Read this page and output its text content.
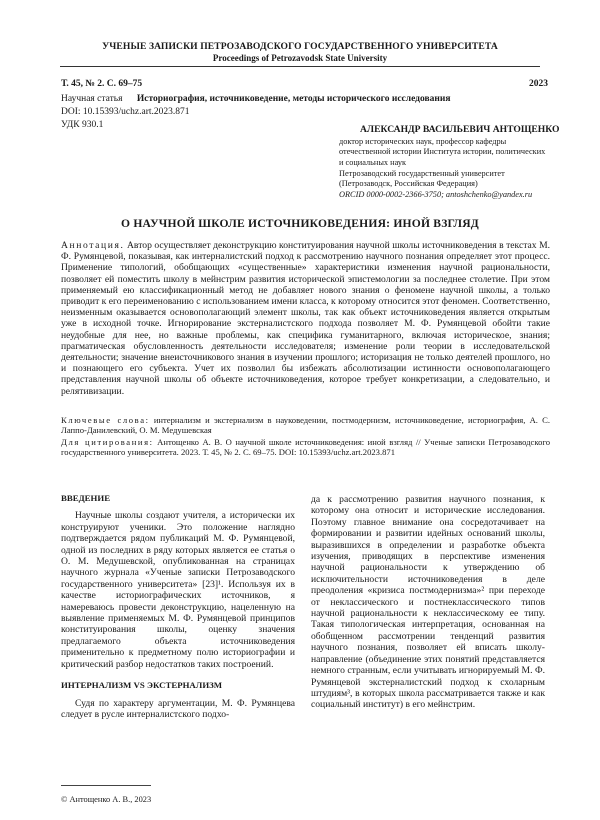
УЧЕНЫЕ ЗАПИСКИ ПЕТРОЗАВОДСКОГО ГОСУДАРСТВЕННОГО УНИВЕРСИТЕТА
Proceedings of Petrozavodsk State University
Т. 45, № 2. С. 69–75	2023
Научная статья Историография, источниковедение, методы исторического исследования
DOI: 10.15393/uchz.art.2023.871
УДК 930.1	АЛЕКСАНДР ВАСИЛЬЕВИЧ АНТОЩЕНКО
доктор исторических наук, профессор кафедры отечественной истории Института истории, политических и социальных наук
Петрозаводский государственный университет (Петрозаводск, Российская Федерация)
ORCID 0000-0002-2366-3750; antoshchenko@yandex.ru
О НАУЧНОЙ ШКОЛЕ ИСТОЧНИКОВЕДЕНИЯ: ИНОЙ ВЗГЛЯД
Аннотация. Автор осуществляет деконструкцию конституирования научной школы источниковедения в текстах М. Ф. Румянцевой, показывая, как интерналистский подход к рассмотрению научного познания определяет этот процесс. Применение типологий, обобщающих «существенные» характеристики изменения научной рациональности, позволяет ей поместить школу в мейнстрим развития исторической эпистемологии за последнее столетие. При этом применяемый ею классификационный метод не добавляет нового знания о феномене научной школы, а только приводит к его переименованию с использованием имени класса, к которому относится этот феномен. Соответственно, неизменным оказывается основополагающий элемент школы, так как объект источниковедения является открытым уже в исходной точке. Игнорирование экстерналистского подхода позволяет М. Ф. Румянцевой обойти такие неудобные для нее, но важные проблемы, как специфика гуманитарного, включая историческое, знания; прагматическая обусловленность деятельности исследователя; изменение роли теории в исследовательской деятельности; значение внеисточникового знания в изучении прошлого; историзация не только деятелей прошлого, но и познающего его субъекта. Учет их позволил бы избежать абсолютизации истинности основополагающего представления научной школы об объекте источниковедения, которое требует конкретизации, а следовательно, и релятивизации.
Ключевые слова: интернализм и экстернализм в науковедении, постмодернизм, источниковедение, историография, А. С. Лаппо-Данилевский, О. М. Медушевская
Для цитирования: Антощенко А. В. О научной школе источниковедения: иной взгляд // Ученые записки Петрозаводского государственного университета. 2023. Т. 45, № 2. С. 69–75. DOI: 10.15393/uchz.art.2023.871
ВВЕДЕНИЕ

Научные школы создают учителя, а исторически их конструируют ученики. Это положение наглядно подтверждается рядом публикаций М. Ф. Румянцевой, одной из последних в ряду которых является ее статья о О. М. Медушевской, опубликованная на страницах научного журнала «Ученые записки Петрозаводского государственного университета» [23]¹. Используя их в качестве историографических источников, я намереваюсь провести деконструкцию, нацеленную на выявление применяемых М. Ф. Румянцевой принципов конституирования школы, оценку значения предлагаемого объекта источниковедения применительно к предметному полю историографии и критический разбор недостатков таких построений.

ИНТЕРНАЛИЗМ VS ЭКСТЕРНАЛИЗМ

Судя по характеру аргументации, М. Ф. Румянцева следует в русле интерналистского подхо-

да к рассмотрению развития научного познания, к которому она относит и исторические исследования. Поэтому главное внимание она сосредотачивает на формировании и развитии идейных оснований школы, выразившихся в определении и разработке объекта изучения, приводящих в перспективе изменения научной рациональности к утверждению об исключительности источниковедения в деле преодоления «кризиса постмодернизма»² при переходе от неклассического и постнеклассического типов научной рациональности к неклассическому ее типу. Такая типологическая интерпретация, основанная на обобщенном рассмотрении тенденций развития научного познания, позволяет ей вписать школу-направление (объединение этих понятий представляется немного странным, если учитывать игнорируемый М. Ф. Румянцевой экстерналистский подход к схоларным штудиям³, в которых школа рассматривается также и как социальный институт) в его мейнстрим.

© Антощенко А. В., 2023
